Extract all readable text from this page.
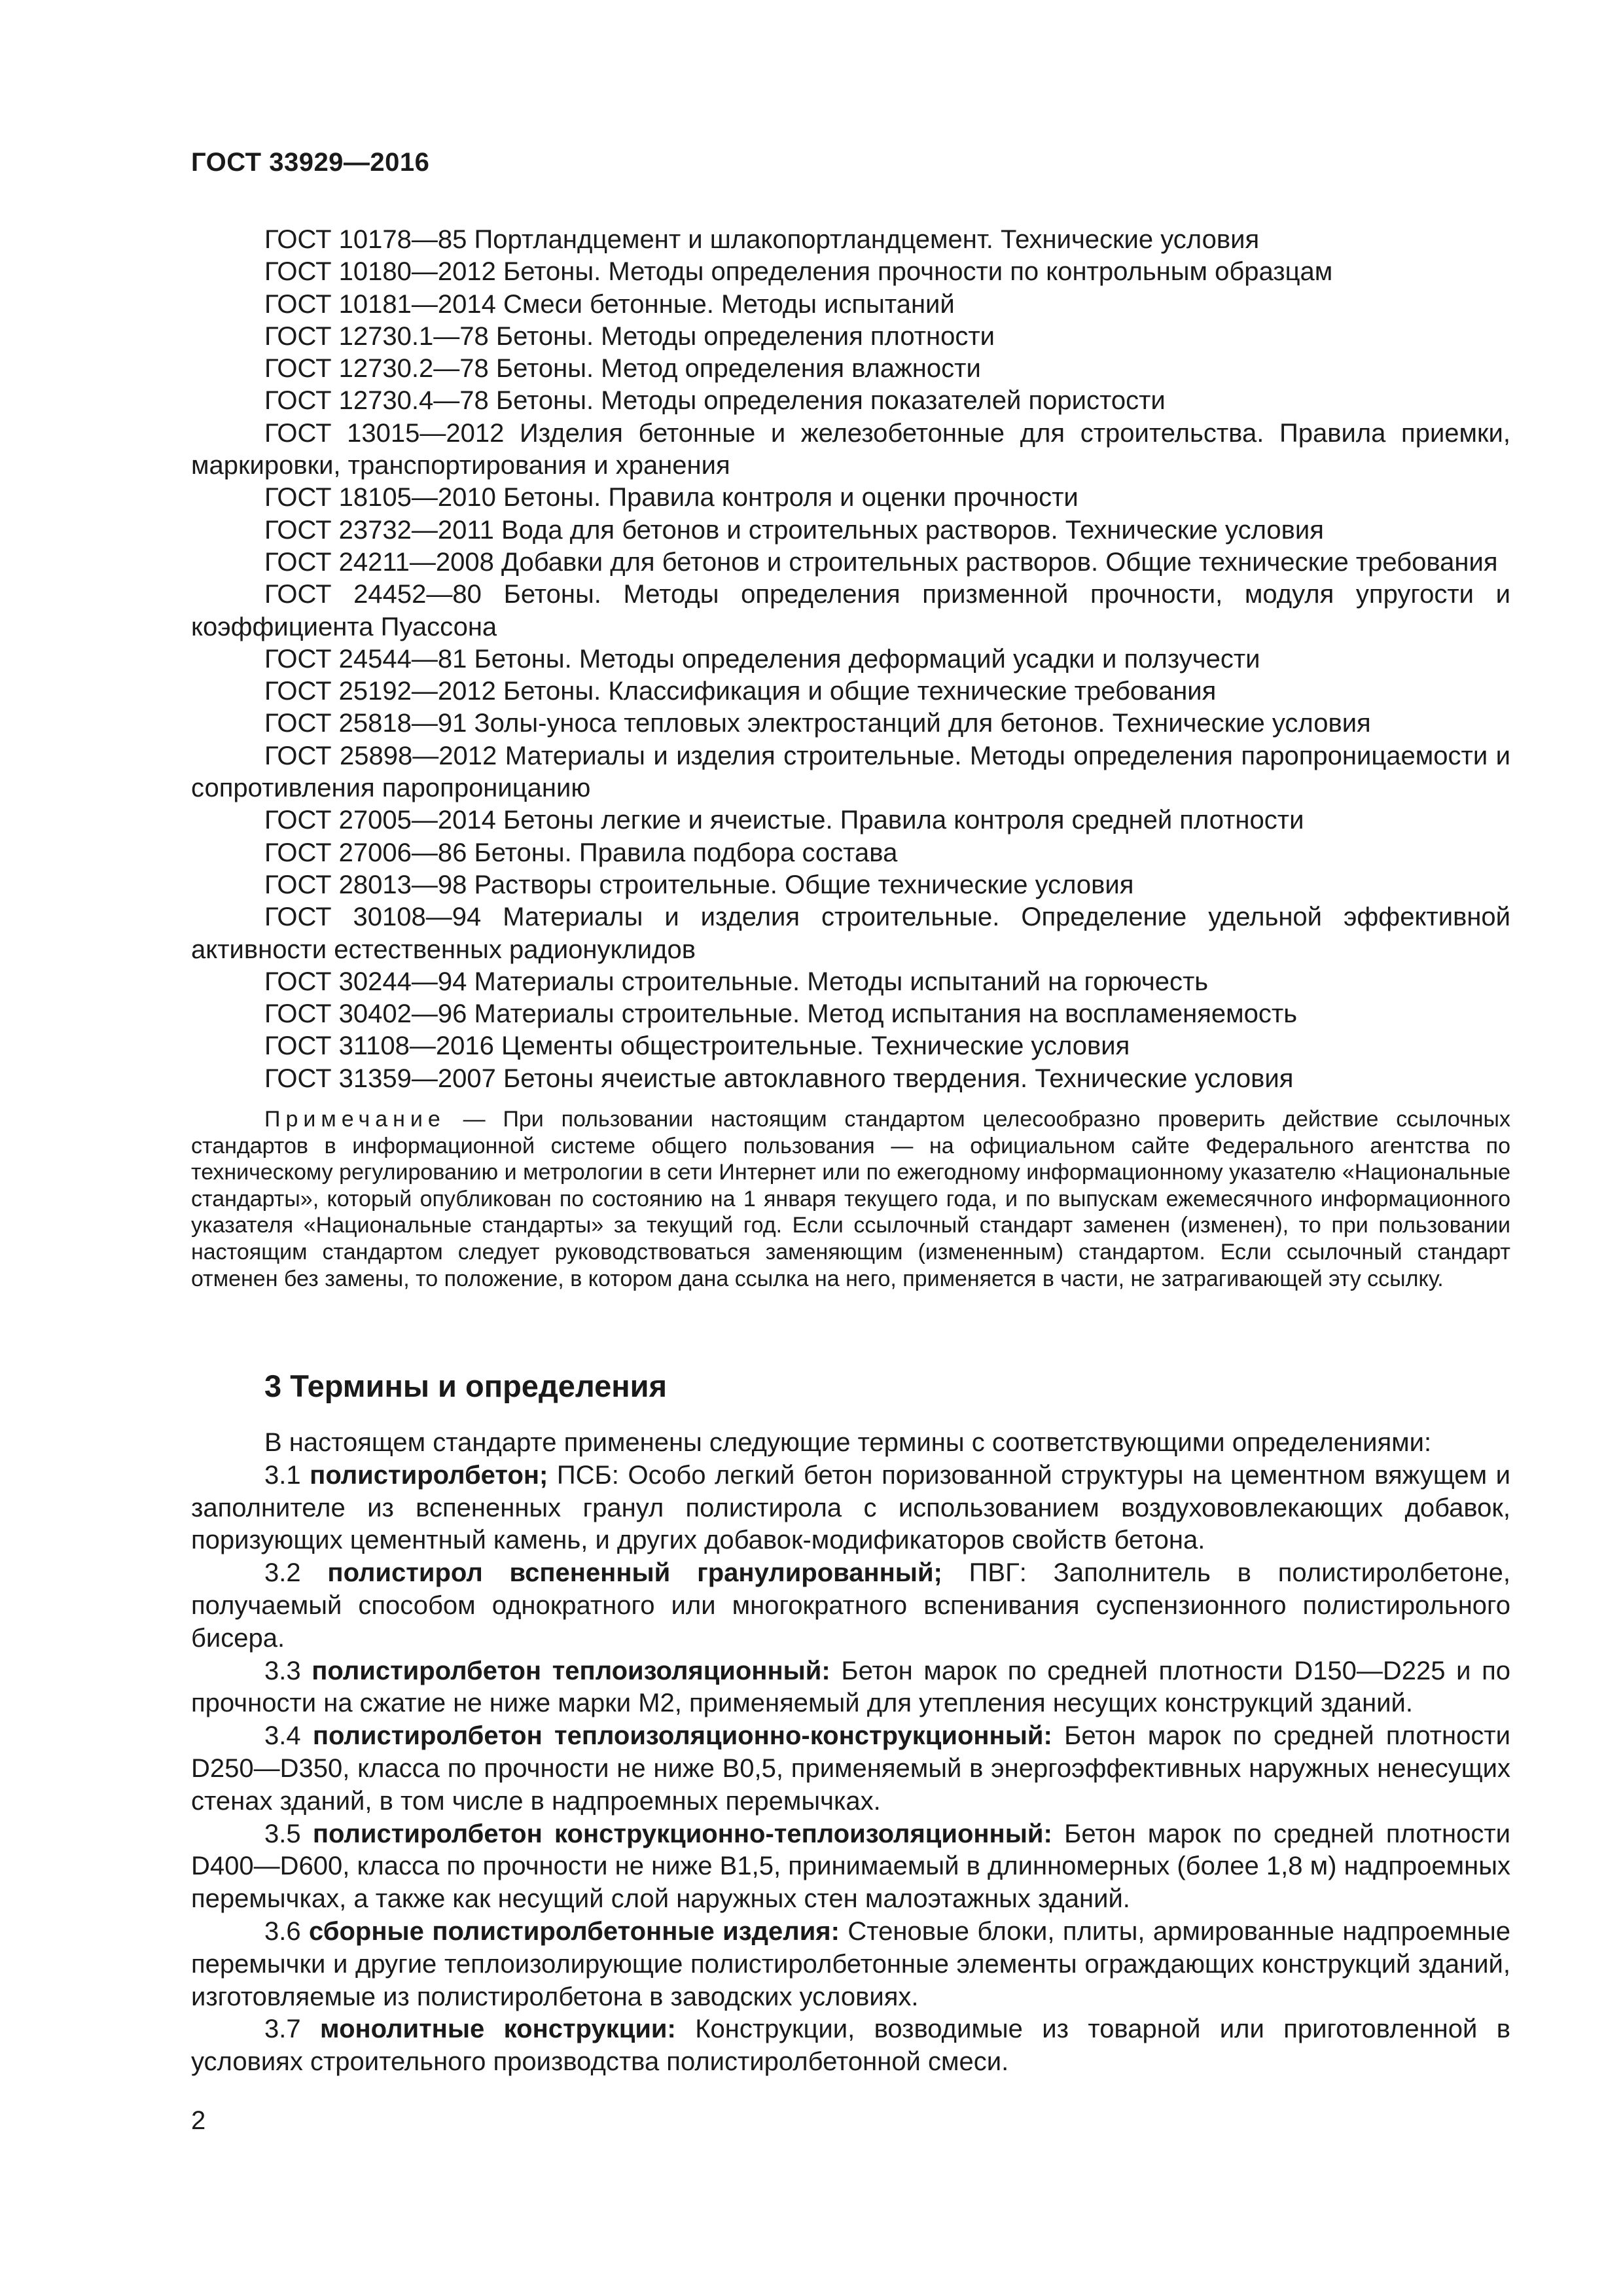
ГОСТ 33929—2016

ГОСТ 10178—85 Портландцемент и шлакопортландцемент. Технические условия

ГОСТ 10180—2012 Бетоны. Методы определения прочности по контрольным образцам

ГОСТ 10181—2014 Смеси бетонные. Методы испытаний

ГОСТ 12730.1—78 Бетоны. Методы определения плотности

ГОСТ 12730.2—78 Бетоны. Метод определения влажности

ГОСТ 12730.4—78 Бетоны. Методы определения показателей пористости

ГОСТ 13015—2012 Изделия бетонные и железобетонные для строительства. Правила приемки, маркировки, транспортирования и хранения

ГОСТ 18105—2010 Бетоны. Правила контроля и оценки прочности

ГОСТ 23732—2011 Вода для бетонов и строительных растворов. Технические условия

ГОСТ 24211—2008 Добавки для бетонов и строительных растворов. Общие технические требования

ГОСТ 24452—80 Бетоны. Методы определения призменной прочности, модуля упругости и коэффициента Пуассона

ГОСТ 24544—81 Бетоны. Методы определения деформаций усадки и ползучести

ГОСТ 25192—2012 Бетоны. Классификация и общие технические требования

ГОСТ 25818—91 Золы-уноса тепловых электростанций для бетонов. Технические условия

ГОСТ 25898—2012 Материалы и изделия строительные. Методы определения паропроницаемости и сопротивления паропроницанию

ГОСТ 27005—2014 Бетоны легкие и ячеистые. Правила контроля средней плотности

ГОСТ 27006—86 Бетоны. Правила подбора состава

ГОСТ 28013—98 Растворы строительные. Общие технические условия

ГОСТ 30108—94 Материалы и изделия строительные. Определение удельной эффективной активности естественных радионуклидов

ГОСТ 30244—94 Материалы строительные. Методы испытаний на горючесть

ГОСТ 30402—96 Материалы строительные. Метод испытания на воспламеняемость

ГОСТ 31108—2016 Цементы общестроительные. Технические условия

ГОСТ 31359—2007 Бетоны ячеистые автоклавного твердения. Технические условия

Примечание — При пользовании настоящим стандартом целесообразно проверить действие ссылочных стандартов в информационной системе общего пользования — на официальном сайте Федерального агентства по техническому регулированию и метрологии в сети Интернет или по ежегодному информационному указателю «Национальные стандарты», который опубликован по состоянию на 1 января текущего года, и по выпускам ежемесячного информационного указателя «Национальные стандарты» за текущий год. Если ссылочный стандарт заменен (изменен), то при пользовании настоящим стандартом следует руководствоваться заменяющим (измененным) стандартом. Если ссылочный стандарт отменен без замены, то положение, в котором дана ссылка на него, применяется в части, не затрагивающей эту ссылку.

3 Термины и определения

В настоящем стандарте применены следующие термины с соответствующими определениями:

3.1 полистиролбетон; ПСБ: Особо легкий бетон поризованной структуры на цементном вяжущем и заполнителе из вспененных гранул полистирола с использованием воздухововлекающих добавок, поризующих цементный камень, и других добавок-модификаторов свойств бетона.

3.2 полистирол вспененный гранулированный; ПВГ: Заполнитель в полистиролбетоне, получаемый способом однократного или многократного вспенивания суспензионного полистирольного бисера.

3.3 полистиролбетон теплоизоляционный: Бетон марок по средней плотности D150—D225 и по прочности на сжатие не ниже марки М2, применяемый для утепления несущих конструкций зданий.

3.4 полистиролбетон теплоизоляционно-конструкционный: Бетон марок по средней плотности D250—D350, класса по прочности не ниже В0,5, применяемый в энергоэффективных наружных ненесущих стенах зданий, в том числе в надпроемных перемычках.

3.5 полистиролбетон конструкционно-теплоизоляционный: Бетон марок по средней плотности D400—D600, класса по прочности не ниже В1,5, принимаемый в длинномерных (более 1,8 м) надпроемных перемычках, а также как несущий слой наружных стен малоэтажных зданий.

3.6 сборные полистиролбетонные изделия: Стеновые блоки, плиты, армированные надпроемные перемычки и другие теплоизолирующие полистиролбетонные элементы ограждающих конструкций зданий, изготовляемые из полистиролбетона в заводских условиях.

3.7 монолитные конструкции: Конструкции, возводимые из товарной или приготовленной в условиях строительного производства полистиролбетонной смеси.

2
